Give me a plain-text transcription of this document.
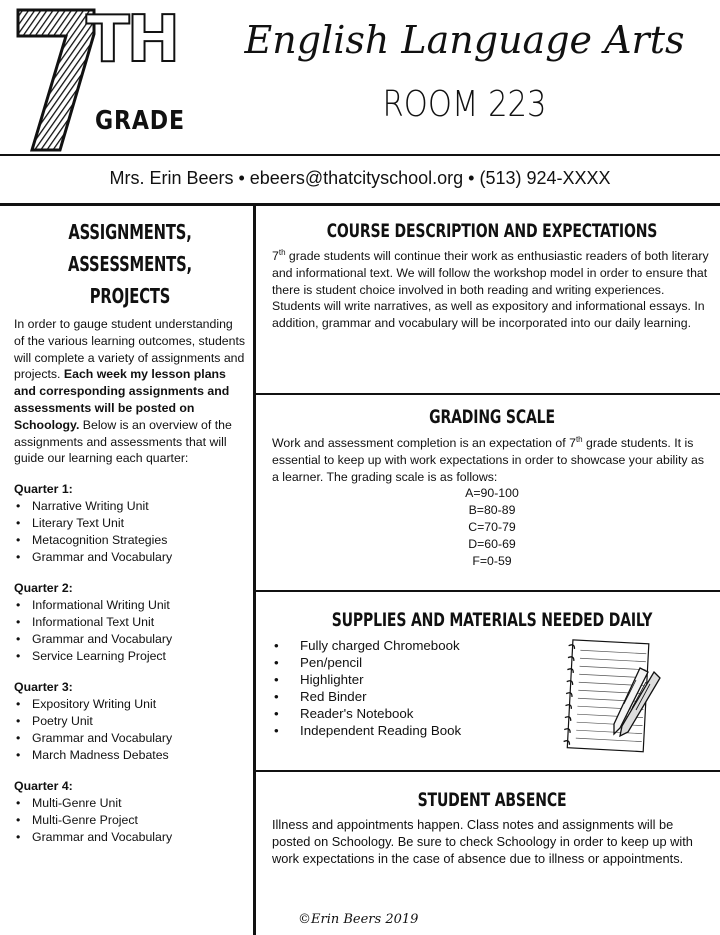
TH
GRADE
English Language Arts
ROOM 223
Mrs. Erin Beers • ebeers@thatcityschool.org • (513) 924-XXXX
ASSIGNMENTS,
ASSESSMENTS, PROJECTS
In order to gauge student understanding of the various learning outcomes, students will complete a variety of assignments and projects. Each week my lesson plans and corresponding assignments and assessments will be posted on Schoology. Below is an overview of the assignments and assessments that will guide our learning each quarter:
Quarter 1:
• Narrative Writing Unit
• Literary Text Unit
• Metacognition Strategies
• Grammar and Vocabulary
Quarter 2:
• Informational Writing Unit
• Informational Text Unit
• Grammar and Vocabulary
• Service Learning Project
Quarter 3:
• Expository Writing Unit
• Poetry Unit
• Grammar and Vocabulary
• March Madness Debates
Quarter 4:
• Multi-Genre Unit
• Multi-Genre Project
• Grammar and Vocabulary
COURSE DESCRIPTION AND EXPECTATIONS
7th grade students will continue their work as enthusiastic readers of both literary and informational text. We will follow the workshop model in order to ensure that there is student choice involved in both reading and writing experiences. Students will write narratives, as well as expository and informational essays. In addition, grammar and vocabulary will be incorporated into our daily learning.
GRADING SCALE
Work and assessment completion is an expectation of 7th grade students. It is essential to keep up with work expectations in order to showcase your ability as a learner. The grading scale is as follows:
A=90-100
B=80-89
C=70-79
D=60-69
F=0-59
SUPPLIES AND MATERIALS NEEDED DAILY
• Fully charged Chromebook
• Pen/pencil
• Highlighter
• Red Binder
• Reader's Notebook
• Independent Reading Book
STUDENT ABSENCE
Illness and appointments happen. Class notes and assignments will be posted on Schoology. Be sure to check Schoology in order to keep up with work expectations in the case of absence due to illness or appointments.
©Erin Beers 2019
